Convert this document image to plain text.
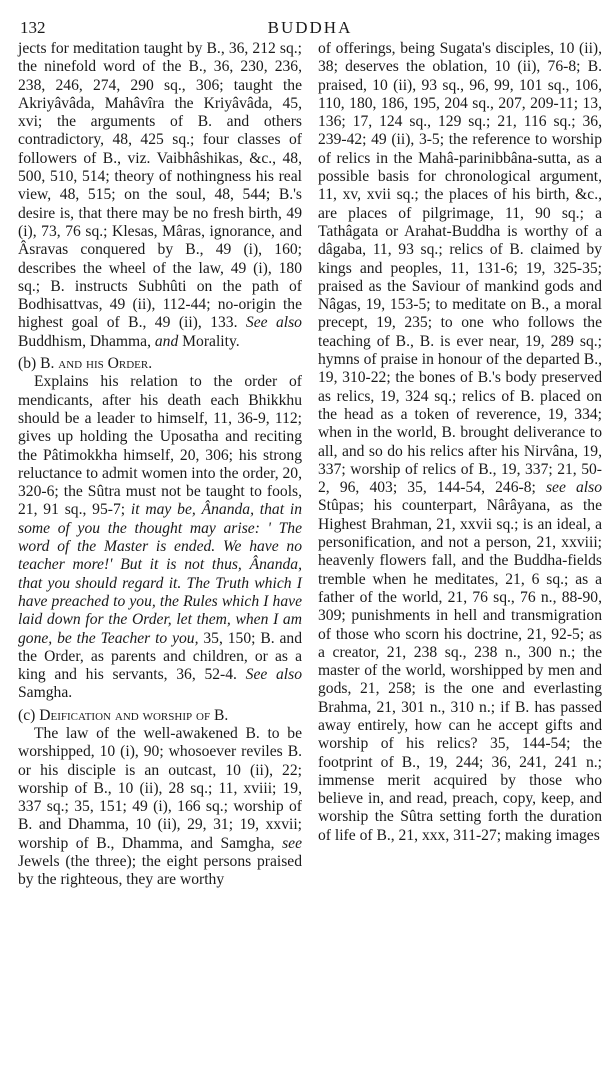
132	BUDDHA

jects for meditation taught by B., 36, 212 sq.; the ninefold word of the B., 36, 230, 236, 238, 246, 274, 290 sq., 306; taught the Akriyâvâda, Mahâvîra the Kriyâvâda, 45, xvi; the arguments of B. and others contradictory, 48, 425 sq.; four classes of followers of B., viz. Vaibhâshikas, &c., 48, 500, 510, 514; theory of nothingness his real view, 48, 515; on the soul, 48, 544; B.'s desire is, that there may be no fresh birth, 49 (i), 73, 76 sq.; Klesas, Mâras, ignorance, and Âsravas conquered by B., 49 (i), 160; describes the wheel of the law, 49 (i), 180 sq.; B. instructs Subhûti on the path of Bodhisattvas, 49 (ii), 112-44; no-origin the highest goal of B., 49 (ii), 133. See also Buddhism, Dhamma, and Morality.

(b) B. and his Order.

Explains his relation to the order of mendicants, after his death each Bhikkhu should be a leader to himself, 11, 36-9, 112; gives up holding the Uposatha and reciting the Pâtimokkha himself, 20, 306; his strong reluctance to admit women into the order, 20, 320-6; the Sûtra must not be taught to fools, 21, 91 sq., 95-7; it may be, Ânanda, that in some of you the thought may arise: ' The word of the Master is ended. We have no teacher more!' But it is not thus, Ânanda, that you should regard it. The Truth which I have preached to you, the Rules which I have laid down for the Order, let them, when I am gone, be the Teacher to you, 35, 150; B. and the Order, as parents and children, or as a king and his servants, 36, 52-4. See also Samgha.

(c) Deification and worship of B.

The law of the well-awakened B. to be worshipped, 10 (i), 90; whosoever reviles B. or his disciple is an outcast, 10 (ii), 22; worship of B., 10 (ii), 28 sq.; 11, xviii; 19, 337 sq.; 35, 151; 49 (i), 166 sq.; worship of B. and Dhamma, 10 (ii), 29, 31; 19, xxvii; worship of B., Dhamma, and Samgha, see Jewels (the three); the eight persons praised by the righteous, they are worthy

of offerings, being Sugata's disciples, 10 (ii), 38; deserves the oblation, 10 (ii), 76-8; B. praised, 10 (ii), 93 sq., 96, 99, 101 sq., 106, 110, 180, 186, 195, 204 sq., 207, 209-11; 13, 136; 17, 124 sq., 129 sq.; 21, 116 sq.; 36, 239-42; 49 (ii), 3-5; the reference to worship of relics in the Mahâ-parinibbâna-sutta, as a possible basis for chronological argument, 11, xv, xvii sq.; the places of his birth, &c., are places of pilgrimage, 11, 90 sq.; a Tathâgata or Arahat-Buddha is worthy of a dâgaba, 11, 93 sq.; relics of B. claimed by kings and peoples, 11, 131-6; 19, 325-35; praised as the Saviour of mankind gods and Nâgas, 19, 153-5; to meditate on B., a moral precept, 19, 235; to one who follows the teaching of B., B. is ever near, 19, 289 sq.; hymns of praise in honour of the departed B., 19, 310-22; the bones of B.'s body preserved as relics, 19, 324 sq.; relics of B. placed on the head as a token of reverence, 19, 334; when in the world, B. brought deliverance to all, and so do his relics after his Nirvâna, 19, 337; worship of relics of B., 19, 337; 21, 50-2, 96, 403; 35, 144-54, 246-8; see also Stûpas; his counterpart, Nârâyana, as the Highest Brahman, 21, xxvii sq.; is an ideal, a personification, and not a person, 21, xxviii; heavenly flowers fall, and the Buddha-fields tremble when he meditates, 21, 6 sq.; as a father of the world, 21, 76 sq., 76 n., 88-90, 309; punishments in hell and transmigration of those who scorn his doctrine, 21, 92-5; as a creator, 21, 238 sq., 238 n., 300 n.; the master of the world, worshipped by men and gods, 21, 258; is the one and everlasting Brahma, 21, 301 n., 310 n.; if B. has passed away entirely, how can he accept gifts and worship of his relics? 35, 144-54; the footprint of B., 19, 244; 36, 241, 241 n.; immense merit acquired by those who believe in, and read, preach, copy, keep, and worship the Sûtra setting forth the duration of life of B., 21, xxx, 311-27; making images
